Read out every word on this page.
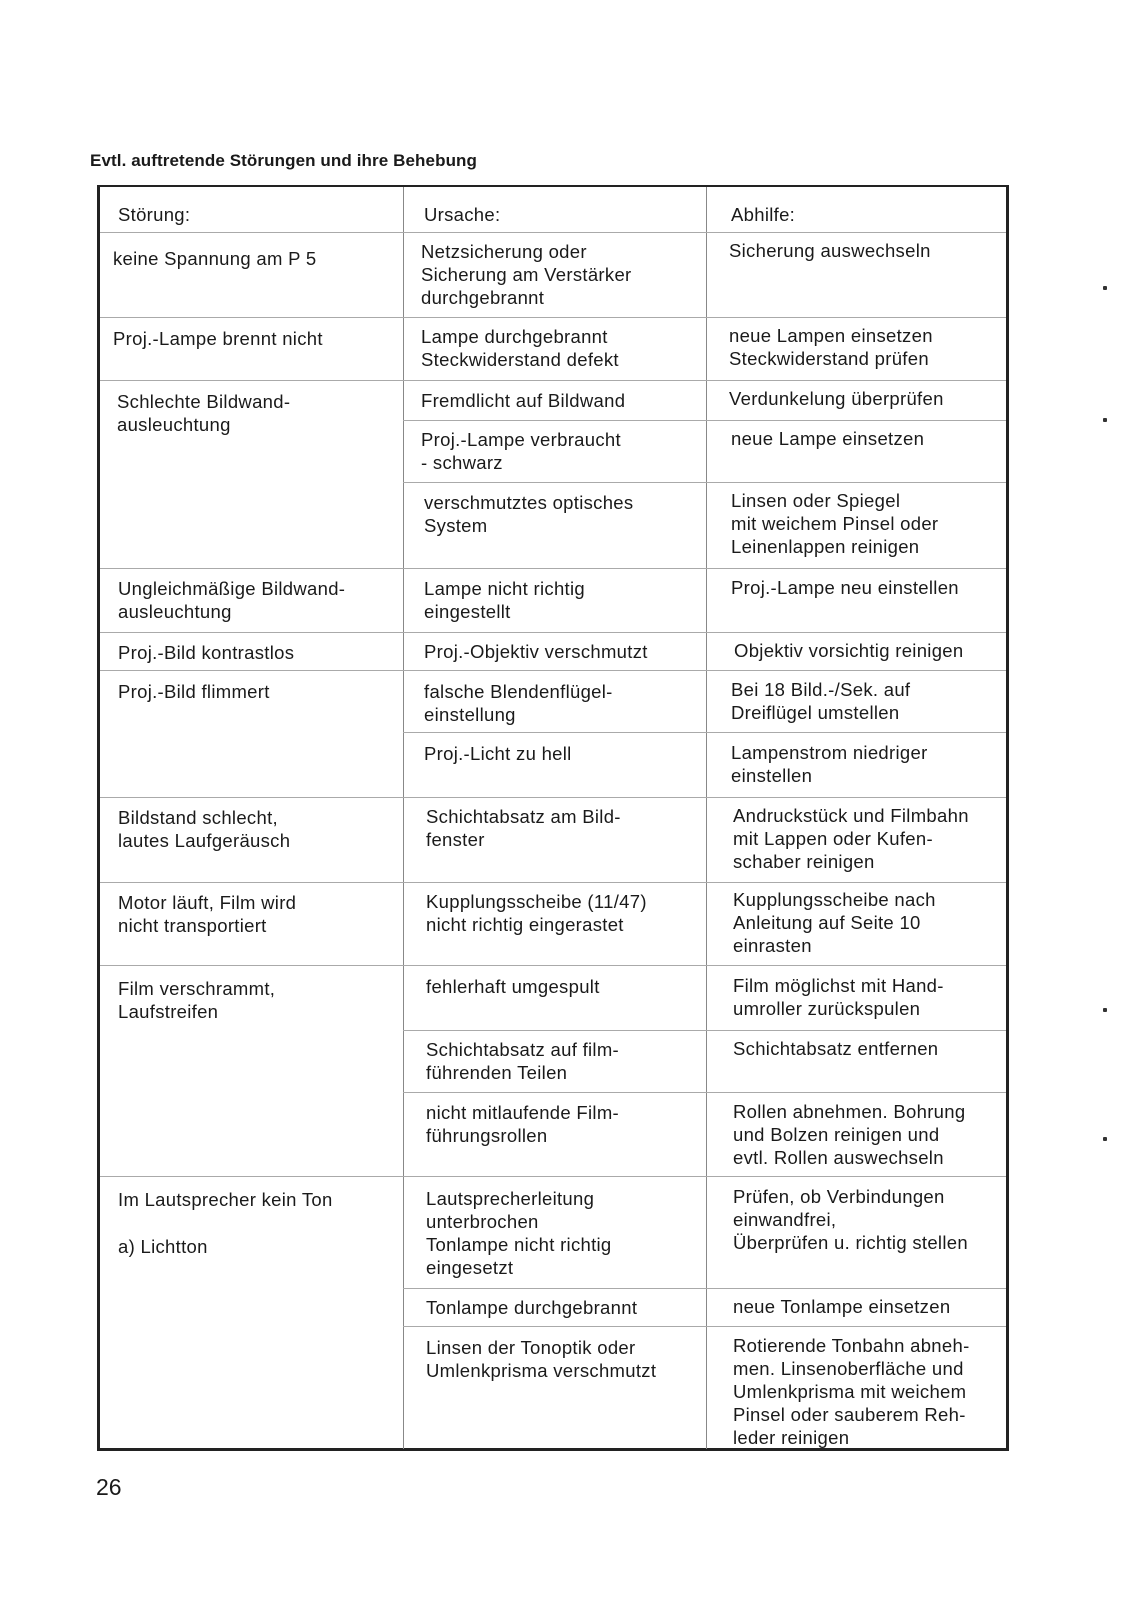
Evtl. auftretende Störungen und ihre Behebung
Störung:	Ursache:	Abhilfe:
keine Spannung am P 5
Proj.-Lampe brennt nicht
Schlechte Bildwand-
ausleuchtung
Ungleichmäßige Bildwand-
ausleuchtung
Proj.-Bild kontrastlos
Proj.-Bild flimmert
Bildstand schlecht,
lautes Laufgeräusch
Motor läuft, Film wird
nicht transportiert
Film verschrammt,
Laufstreifen
Im Lautsprecher kein Ton
a) Lichtton
Netzsicherung oder
Sicherung am Verstärker
durchgebrannt
Lampe durchgebrannt
Steckwiderstand defekt
Fremdlicht auf Bildwand
Proj.-Lampe verbraucht
- schwarz
verschmutztes optisches
System
Lampe nicht richtig
eingestellt
Proj.-Objektiv verschmutzt
falsche Blendenflügel-
einstellung
Proj.-Licht zu hell
Schichtabsatz am Bild-
fenster
Kupplungsscheibe (11/47)
nicht richtig eingerastet
fehlerhaft umgespult
Schichtabsatz auf film-
führenden Teilen
nicht mitlaufende Film-
führungsrollen
Lautsprecherleitung
unterbrochen
Tonlampe nicht richtig
eingesetzt
Tonlampe durchgebrannt
Linsen der Tonoptik oder
Umlenkprisma verschmutzt
Sicherung auswechseln
neue Lampen einsetzen
Steckwiderstand prüfen
Verdunkelung überprüfen
neue Lampe einsetzen
Linsen oder Spiegel
mit weichem Pinsel oder
Leinenlappen reinigen
Proj.-Lampe neu einstellen
Objektiv vorsichtig reinigen
Bei 18 Bild.-/Sek. auf
Dreiflügel umstellen
Lampenstrom niedriger
einstellen
Andruckstück und Filmbahn
mit Lappen oder Kufen-
schaber reinigen
Kupplungsscheibe nach
Anleitung auf Seite 10
einrasten
Film möglichst mit Hand-
umroller zurückspulen
Schichtabsatz entfernen
Rollen abnehmen. Bohrung
und Bolzen reinigen und
evtl. Rollen auswechseln
Prüfen, ob Verbindungen
einwandfrei,
Überprüfen u. richtig stellen
neue Tonlampe einsetzen
Rotierende Tonbahn abneh-
men. Linsenoberfläche und
Umlenkprisma mit weichem
Pinsel oder sauberem Reh-
leder reinigen
26
